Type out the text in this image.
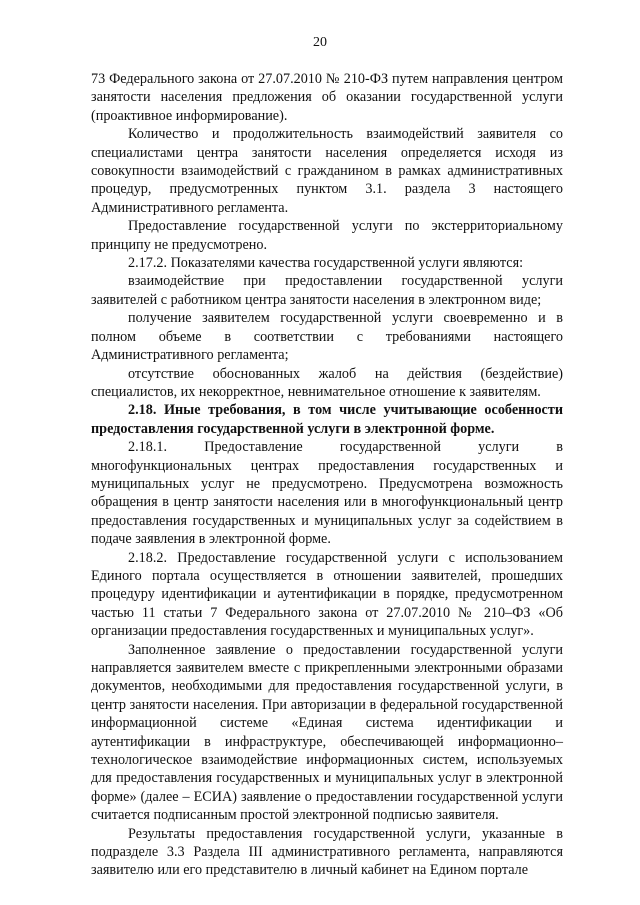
20

73 Федерального закона от 27.07.2010 № 210-ФЗ путем направления центром занятости населения предложения об оказании государственной услуги (проактивное информирование).

Количество и продолжительность взаимодействий заявителя со специалистами центра занятости населения определяется исходя из совокупности взаимодействий с гражданином в рамках административных процедур, предусмотренных пунктом 3.1. раздела 3 настоящего Административного регламента.

Предоставление государственной услуги по экстерриториальному принципу не предусмотрено.

2.17.2. Показателями качества государственной услуги являются:

взаимодействие при предоставлении государственной услуги заявителей с работником центра занятости населения в электронном виде;

получение заявителем государственной услуги своевременно и в полном объеме в соответствии с требованиями настоящего Административного регламента;

отсутствие обоснованных жалоб на действия (бездействие) специалистов, их некорректное, невнимательное отношение к заявителям.

2.18. Иные требования, в том числе учитывающие особенности предоставления государственной услуги в электронной форме.

2.18.1. Предоставление государственной услуги в многофункциональных центрах предоставления государственных и муниципальных услуг не предусмотрено. Предусмотрена возможность обращения в центр занятости населения или в многофункциональный центр предоставления государственных и муниципальных услуг за содействием в подаче заявления в электронной форме.

2.18.2. Предоставление государственной услуги с использованием Единого портала осуществляется в отношении заявителей, прошедших процедуру идентификации и аутентификации в порядке, предусмотренном частью 11 статьи 7 Федерального закона от 27.07.2010 № 210–ФЗ «Об организации предоставления государственных и муниципальных услуг».

Заполненное заявление о предоставлении государственной услуги направляется заявителем вместе с прикрепленными электронными образами документов, необходимыми для предоставления государственной услуги, в центр занятости населения. При авторизации в федеральной государственной информационной системе «Единая система идентификации и аутентификации в инфраструктуре, обеспечивающей информационно–технологическое взаимодействие информационных систем, используемых для предоставления государственных и муниципальных услуг в электронной форме» (далее – ЕСИА) заявление о предоставлении государственной услуги считается подписанным простой электронной подписью заявителя.

Результаты предоставления государственной услуги, указанные в подразделе 3.3 Раздела III административного регламента, направляются заявителю или его представителю в личный кабинет на Едином портале
